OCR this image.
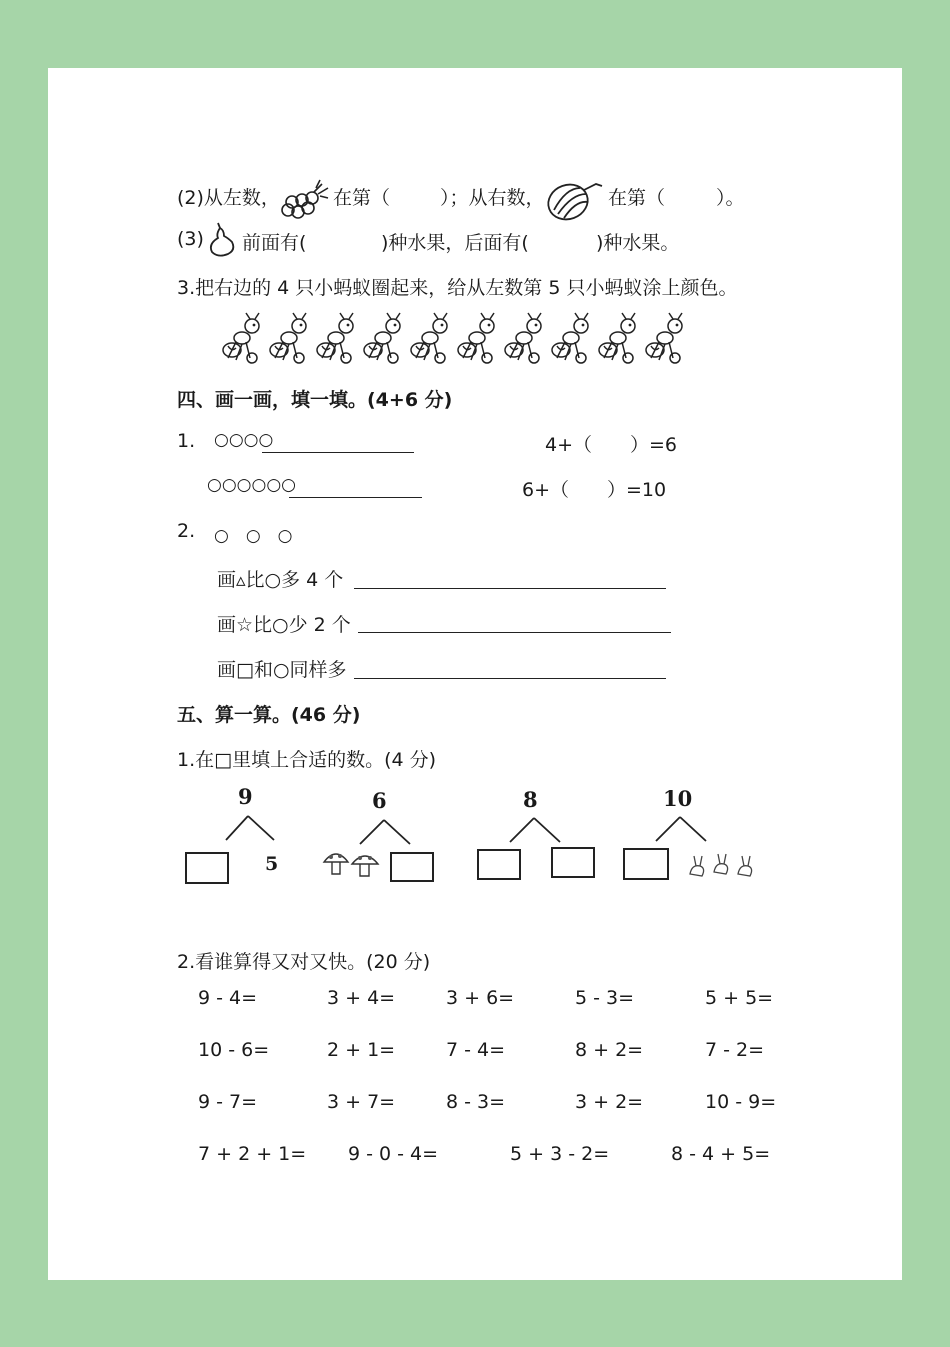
(2)从左数，	在第（	）；从右数，	在第（	）。
(3) 前面有(	)种水果，后面有(	)种水果。
3.把右边的 4 只小蚂蚁圈起来，给从左数第 5 只小蚂蚁涂上颜色。
四、画一画，填一填。(4+6 分)
1. ○○○○	4+（　　）=6
○○○○○○	6+（　　）=10
2. ○　○　○
画▵比○多 4 个
画☆比○少 2 个
画□和○同样多
五、算一算。(46 分)
1.在□里填上合适的数。(4 分)
9
5
6	8	10
2.看谁算得又对又快。(20 分)
9 - 4=	3 + 4=	3 + 6=	5 - 3=	5 + 5=
10 - 6=	2 + 1=	7 - 4=	8 + 2=	7 - 2=
9 - 7=	3 + 7=	8 - 3=	3 + 2=	10 - 9=
7 + 2 + 1= 9 - 0 - 4=	5 + 3 - 2=	8 - 4 + 5=
